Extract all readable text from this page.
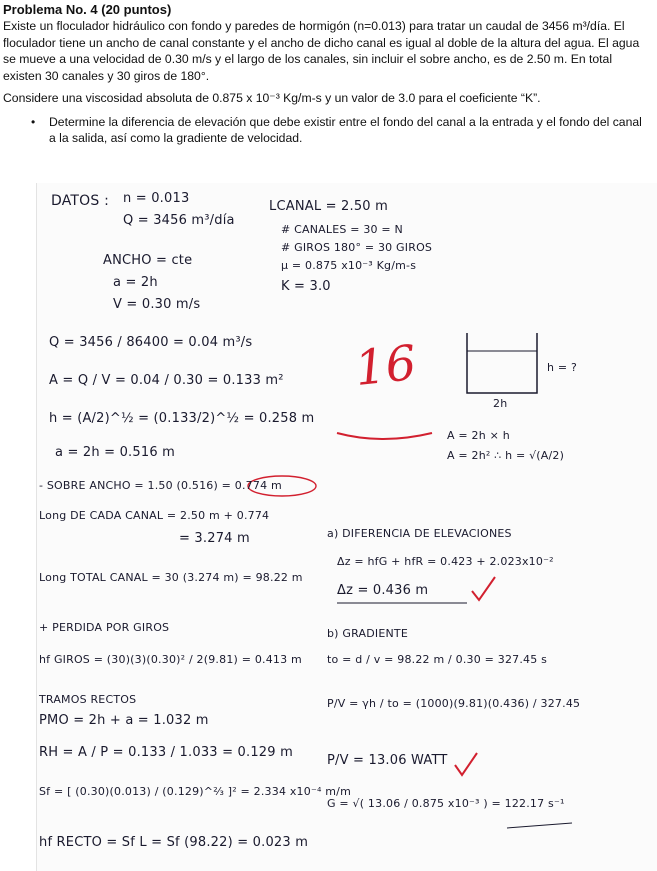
Problema No. 4 (20 puntos)

Existe un floculador hidráulico con fondo y paredes de hormigón (n=0.013) para tratar un caudal de 3456 m³/día. El floculador tiene un ancho de canal constante y el ancho de dicho canal es igual al doble de la altura del agua. El agua se mueve a una velocidad de 0.30 m/s y el largo de los canales, sin incluir el sobre ancho, es de 2.50 m. En total existen 30 canales y 30 giros de 180°.

Considere una viscosidad absoluta de 0.875 x 10⁻³ Kg/m-s y un valor de 3.0 para el coeficiente “K”.

•	Determine la diferencia de elevación que debe existir entre el fondo del canal a la entrada y el fondo del canal a la salida, así como la gradiente de velocidad.
DATOS : n = 0.013
Q = 3456 m³/día
ANCHO = cte
a = 2h
V = 0.30 m/s
LCANAL = 2.50 m
# CANALES = 30 = N
# GIROS 180° = 30 GIROS
μ = 0.875 x10⁻³ Kg/m-s
K = 3.0
Q = 3456 / 86400 = 0.04 m³/s
A = Q / V = 0.04 / 0.30 = 0.133 m²
h = (A/2)^½ = (0.133/2)^½ = 0.258 m
a = 2h = 0.516 m
- SOBRE ANCHO = 1.50 (0.516) = 0.774 m
Long DE CADA CANAL = 2.50 m + 0.774
= 3.274 m
Long TOTAL CANAL = 30 (3.274 m) = 98.22 m
+ PERDIDA POR GIROS
hf GIROS = (30)(3)(0.30)² / 2(9.81) = 0.413 m
TRAMOS RECTOS
PMO = 2h + a = 1.032 m
RH = A / P = 0.133 / 1.033 = 0.129 m
Sf = [ (0.30)(0.013) / (0.129)^⅔ ]² = 2.334 x10⁻⁴ m/m
hf RECTO = Sf L = Sf (98.22) = 0.023 m
16	h = ?
2h
A = 2h × h
A = 2h² ∴ h = √(A/2)
a) DIFERENCIA DE ELEVACIONES
Δz = hfG + hfR = 0.423 + 2.023x10⁻²
Δz = 0.436 m
b) GRADIENTE
to = d / v = 98.22 m / 0.30 = 327.45 s
P/V = γh / to = (1000)(9.81)(0.436) / 327.45
P/V = 13.06 WATT
G = √( 13.06 / 0.875 x10⁻³ ) = 122.17 s⁻¹
